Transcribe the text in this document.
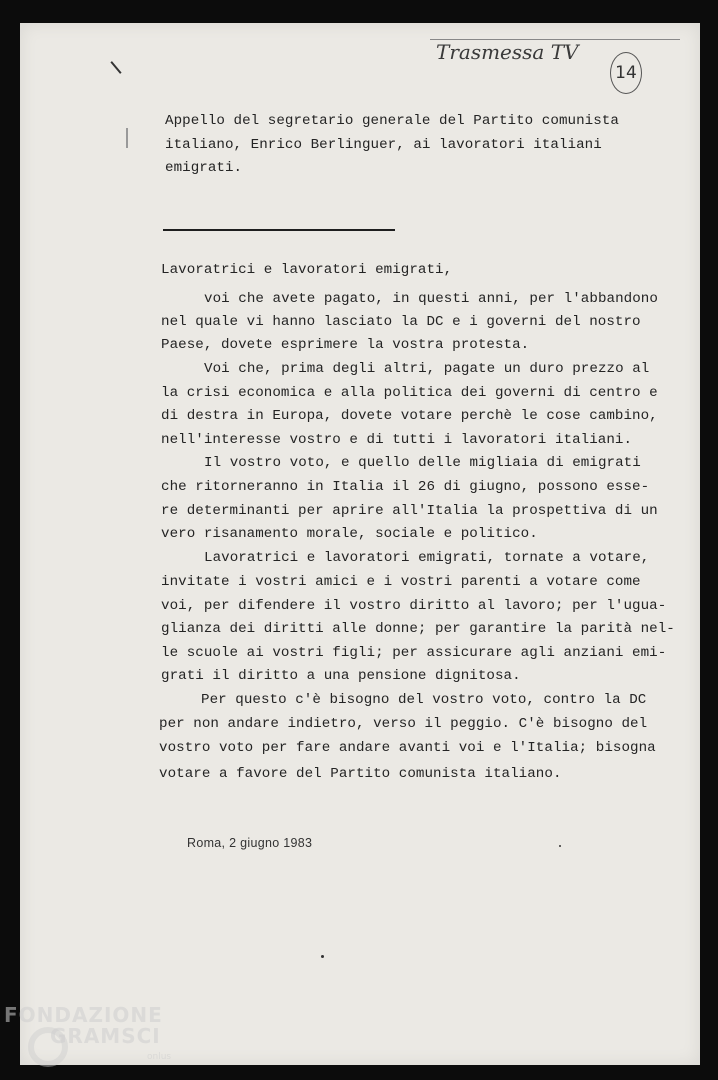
Trasmessa TV
14
Appello del segretario generale del Partito comunista
italiano, Enrico Berlinguer, ai lavoratori italiani
emigrati.
Lavoratrici e lavoratori emigrati,
voi che avete pagato, in questi anni, per l'abbandono
nel quale vi hanno lasciato la DC e i governi del nostro
Paese, dovete esprimere la vostra protesta.
Voi che, prima degli altri, pagate un duro prezzo al
la crisi economica e alla politica dei governi di centro e
di destra in Europa, dovete votare perchè le cose cambino,
nell'interesse vostro e di tutti i lavoratori italiani.
Il vostro voto, e quello delle migliaia di emigrati
che ritorneranno in Italia il 26 di giugno, possono esse-
re determinanti per aprire all'Italia la prospettiva di un
vero risanamento morale, sociale e politico.
Lavoratrici e lavoratori emigrati, tornate a votare,
invitate i vostri amici e i vostri parenti a votare come
voi, per difendere il vostro diritto al lavoro; per l'ugua-
glianza dei diritti alle donne; per garantire la parità nel-
le scuole ai vostri figli; per assicurare agli anziani emi-
grati il diritto a una pensione dignitosa.
Per questo c'è bisogno del vostro voto, contro la DC
per non andare indietro, verso il peggio. C'è bisogno del
vostro voto per fare andare avanti voi e l'Italia; bisogna
votare a favore del Partito comunista italiano.
Roma, 2 giugno 1983
FONDAZIONE
GRAMSCI
onlus
